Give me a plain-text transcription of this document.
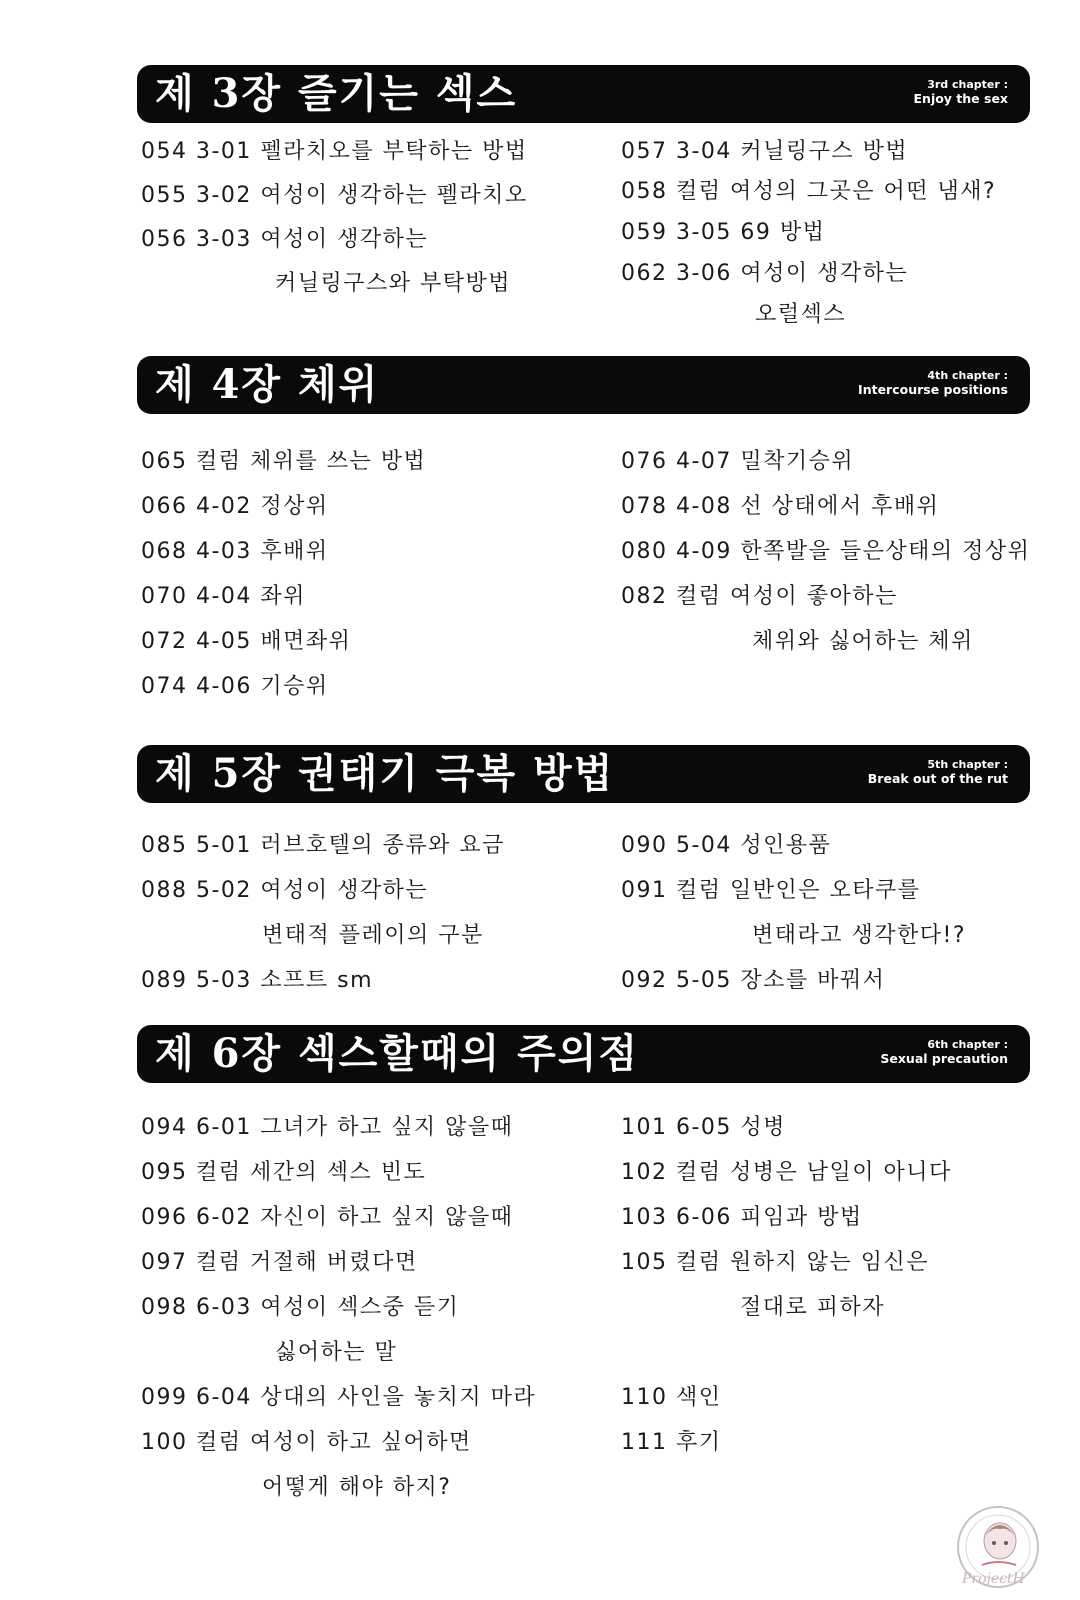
제 3장 즐기는 섹스	3rd chapter :
Enjoy the sex
054 3-01 펠라치오를 부탁하는 방법
055 3-02 여성이 생각하는 펠라치오
056 3-03 여성이 생각하는
커닐링구스와 부탁방법
057 3-04 커닐링구스 방법
058 컬럼 여성의 그곳은 어떤 냄새?
059 3-05 69 방법
062 3-06 여성이 생각하는
오럴섹스
제 4장 체위	4th chapter :
Intercourse positions
065 컬럼 체위를 쓰는 방법
066 4-02 정상위
068 4-03 후배위
070 4-04 좌위
072 4-05 배면좌위
074 4-06 기승위
076 4-07 밀착기승위
078 4-08 선 상태에서 후배위
080 4-09 한쪽발을 들은상태의 정상위
082 컬럼 여성이 좋아하는
체위와 싫어하는 체위
제 5장 권태기 극복 방법	5th chapter :
Break out of the rut
085 5-01 러브호텔의 종류와 요금
088 5-02 여성이 생각하는
변태적 플레이의 구분
089 5-03 소프트 sm
090 5-04 성인용품
091 컬럼 일반인은 오타쿠를
변태라고 생각한다!?
092 5-05 장소를 바꿔서
제 6장 섹스할때의 주의점	6th chapter :
Sexual precaution
094 6-01 그녀가 하고 싶지 않을때
095 컬럼 세간의 섹스 빈도
096 6-02 자신이 하고 싶지 않을때
097 컬럼 거절해 버렸다면
098 6-03 여성이 섹스중 듣기
싫어하는 말
099 6-04 상대의 사인을 놓치지 마라
100 컬럼 여성이 하고 싶어하면
어떻게 해야 하지?
101 6-05 성병
102 컬럼 성병은 남일이 아니다
103 6-06 피임과 방법
105 컬럼 원하지 않는 임신은
절대로 피하자
110 색인
111 후기
ProjectH
